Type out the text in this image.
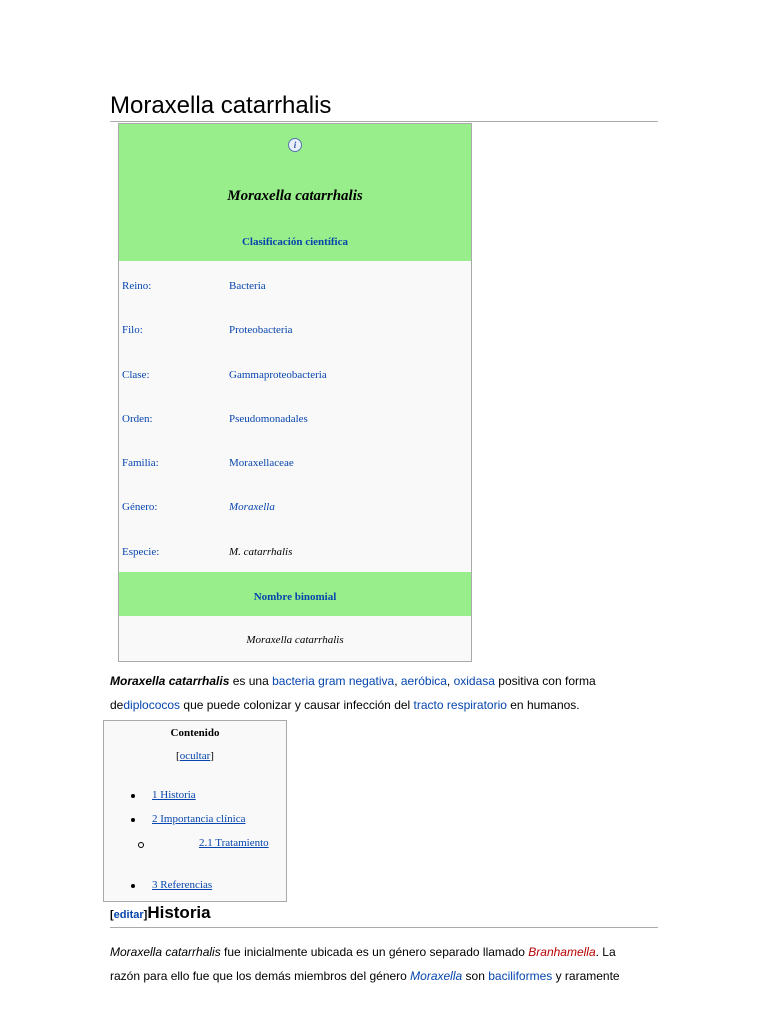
Moraxella catarrhalis
i
Moraxella catarrhalis
Clasificación científica
Reino:	Bacteria
Filo:	Proteobacteria
Clase:	Gammaproteobacteria
Orden:	Pseudomonadales
Familia:	Moraxellaceae
Género:	Moraxella
Especie:	M. catarrhalis
Nombre binomial
Moraxella catarrhalis
Moraxella catarrhalis es una bacteria gram negativa, aeróbica, oxidasa positiva con forma
dediplococos que puede colonizar y causar infección del tracto respiratorio en humanos.
Contenido
[ocultar]
1 Historia
2 Importancia clínica
2.1 Tratamiento
3 Referencias
[editar]Historia
Moraxella catarrhalis fue inicialmente ubicada es un género separado llamado Branhamella. La
razón para ello fue que los demás miembros del género Moraxella son baciliformes y raramente
